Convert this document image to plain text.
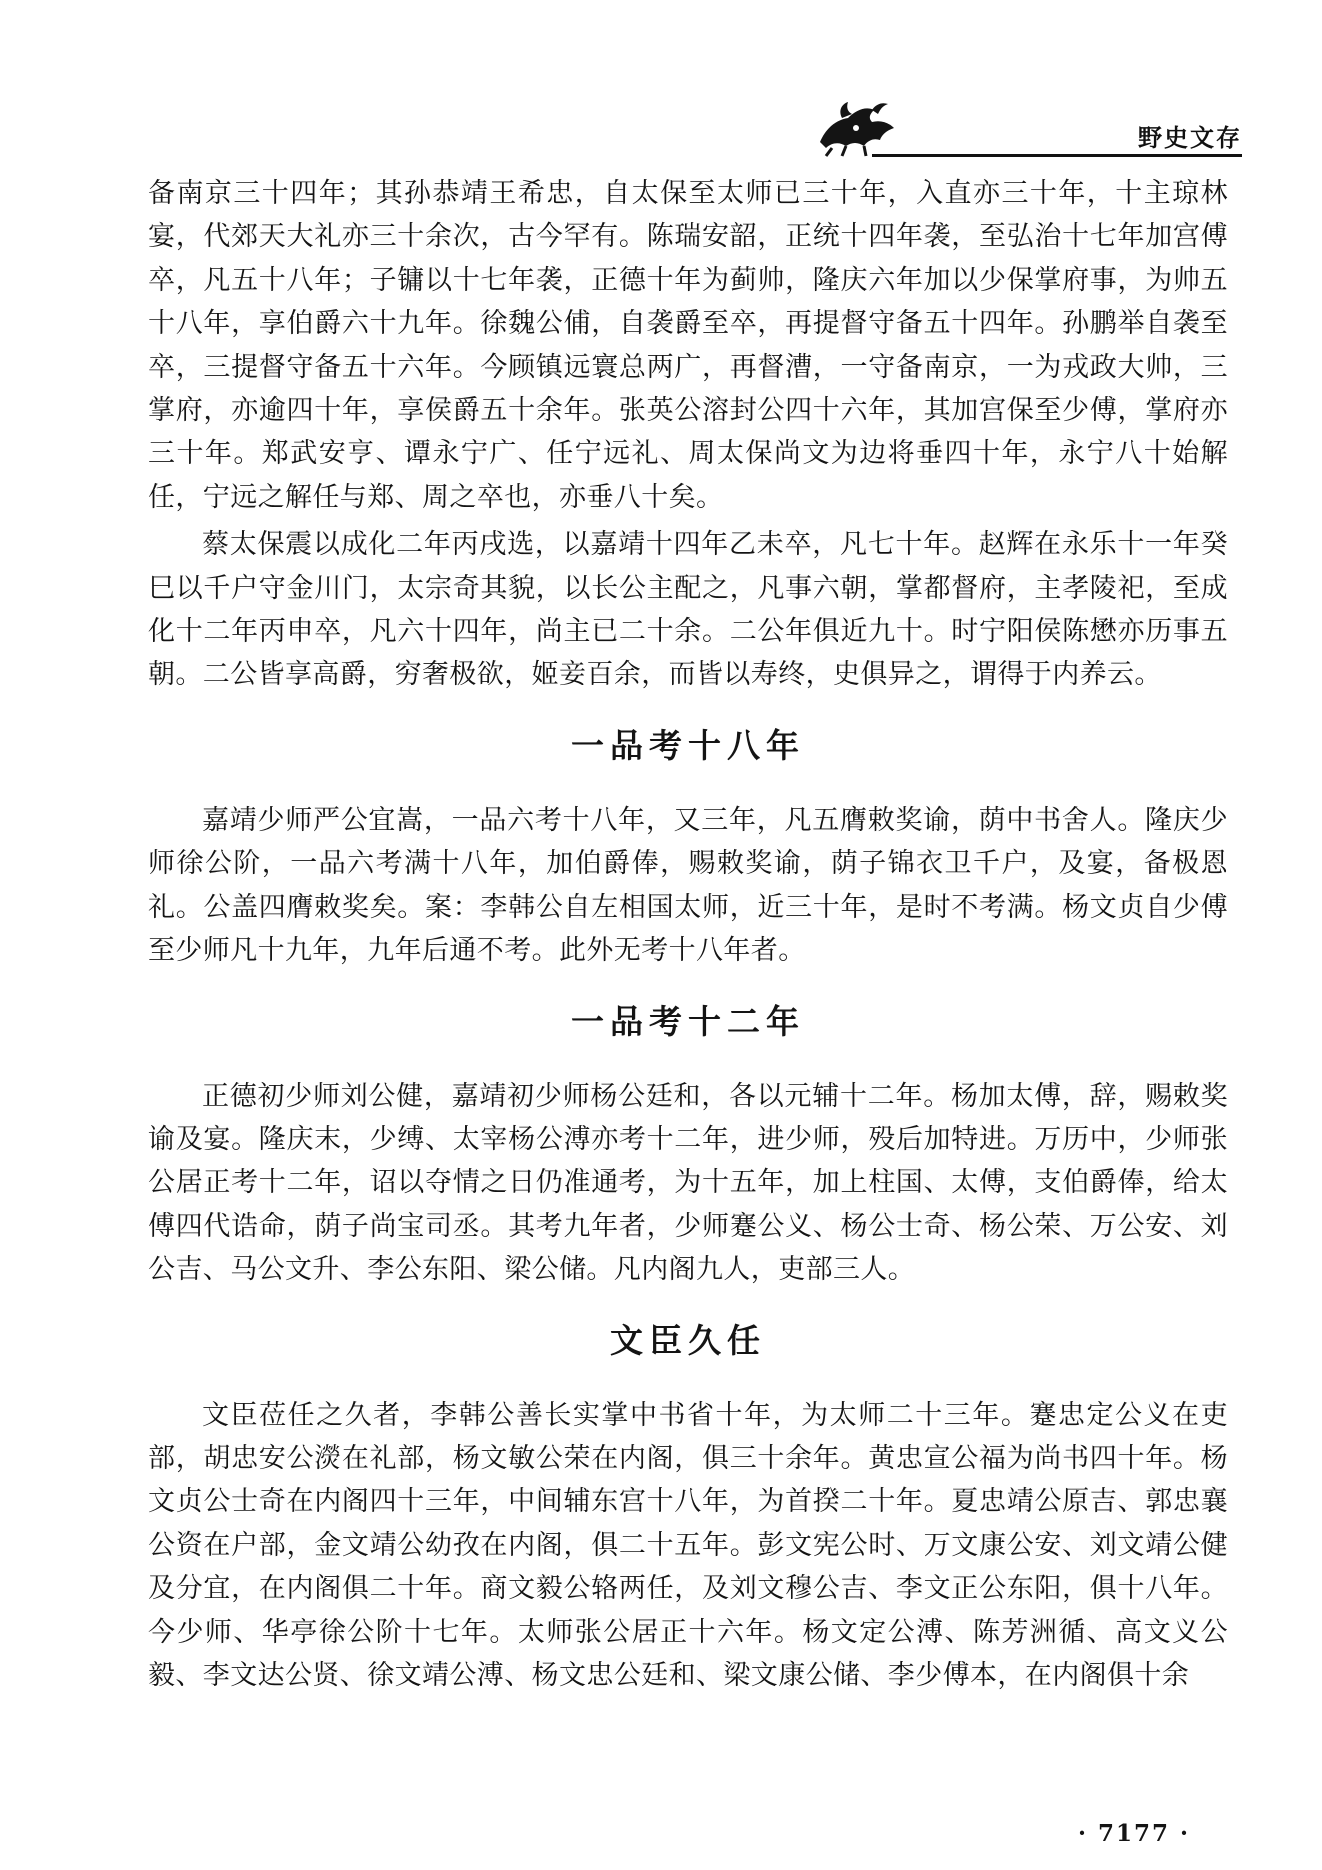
野史文存

备南京三十四年；其孙恭靖王希忠，自太保至太师已三十年，入直亦三十年，十主琼林宴，代郊天大礼亦三十余次，古今罕有。陈瑞安韶，正统十四年袭，至弘治十七年加宫傅卒，凡五十八年；子镛以十七年袭，正德十年为蓟帅，隆庆六年加以少保掌府事，为帅五十八年，享伯爵六十九年。徐魏公俌，自袭爵至卒，再提督守备五十四年。孙鹏举自袭至卒，三提督守备五十六年。今顾镇远寰总两广，再督漕，一守备南京，一为戎政大帅，三掌府，亦逾四十年，享侯爵五十余年。张英公溶封公四十六年，其加宫保至少傅，掌府亦三十年。郑武安亨、谭永宁广、任宁远礼、周太保尚文为边将垂四十年，永宁八十始解任，宁远之解任与郑、周之卒也，亦垂八十矣。

蔡太保震以成化二年丙戌选，以嘉靖十四年乙未卒，凡七十年。赵辉在永乐十一年癸巳以千户守金川门，太宗奇其貌，以长公主配之，凡事六朝，掌都督府，主孝陵祀，至成化十二年丙申卒，凡六十四年，尚主已二十余。二公年俱近九十。时宁阳侯陈懋亦历事五朝。二公皆享高爵，穷奢极欲，姬妾百余，而皆以寿终，史俱异之，谓得于内养云。

一品考十八年

嘉靖少师严公宜嵩，一品六考十八年，又三年，凡五膺敕奖谕，荫中书舍人。隆庆少师徐公阶，一品六考满十八年，加伯爵俸，赐敕奖谕，荫子锦衣卫千户，及宴，备极恩礼。公盖四膺敕奖矣。案：李韩公自左相国太师，近三十年，是时不考满。杨文贞自少傅至少师凡十九年，九年后通不考。此外无考十八年者。

一品考十二年

正德初少师刘公健，嘉靖初少师杨公廷和，各以元辅十二年。杨加太傅，辞，赐敕奖谕及宴。隆庆末，少缚、太宰杨公溥亦考十二年，进少师，殁后加特进。万历中，少师张公居正考十二年，诏以夺情之日仍准通考，为十五年，加上柱国、太傅，支伯爵俸，给太傅四代诰命，荫子尚宝司丞。其考九年者，少师蹇公义、杨公士奇、杨公荣、万公安、刘公吉、马公文升、李公东阳、梁公储。凡内阁九人，吏部三人。

文臣久任

文臣莅任之久者，李韩公善长实掌中书省十年，为太师二十三年。蹇忠定公义在吏部，胡忠安公濙在礼部，杨文敏公荣在内阁，俱三十余年。黄忠宣公福为尚书四十年。杨文贞公士奇在内阁四十三年，中间辅东宫十八年，为首揆二十年。夏忠靖公原吉、郭忠襄公资在户部，金文靖公幼孜在内阁，俱二十五年。彭文宪公时、万文康公安、刘文靖公健及分宜，在内阁俱二十年。商文毅公辂两任，及刘文穆公吉、李文正公东阳，俱十八年。今少师、华亭徐公阶十七年。太师张公居正十六年。杨文定公溥、陈芳洲循、高文义公毅、李文达公贤、徐文靖公溥、杨文忠公廷和、梁文康公储、李少傅本，在内阁俱十余

· 7177 ·
